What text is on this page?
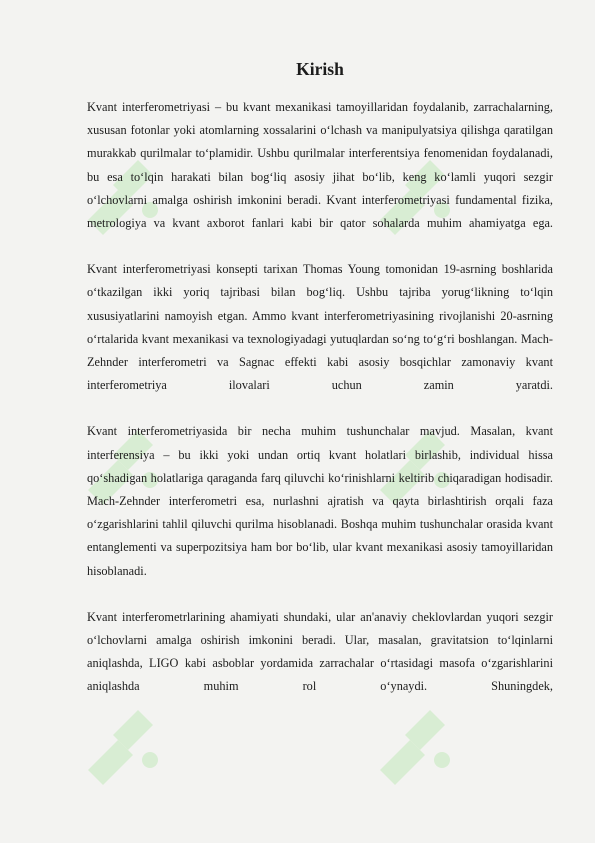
Kirish

Kvant interferometriyasi – bu kvant mexanikasi tamoyillaridan foydalanib, zarrachalarning, xususan fotonlar yoki atomlarning xossalarini o‘lchash va manipulyatsiya qilishga qaratilgan murakkab qurilmalar to‘plamidir. Ushbu qurilmalar interferentsiya fenomenidan foydalanadi, bu esa to‘lqin harakati bilan bog‘liq asosiy jihat bo‘lib, keng ko‘lamli yuqori sezgir o‘lchovlarni amalga oshirish imkonini beradi. Kvant interferometriyasi fundamental fizika, metrologiya va kvant axborot fanlari kabi bir qator sohalarda muhim ahamiyatga ega.

Kvant interferometriyasi konsepti tarixan Thomas Young tomonidan 19-asrning boshlarida o‘tkazilgan ikki yoriq tajribasi bilan bog‘liq. Ushbu tajriba yorug‘likning to‘lqin xususiyatlarini namoyish etgan. Ammo kvant interferometriyasining rivojlanishi 20-asrning o‘rtalarida kvant mexanikasi va texnologiyadagi yutuqlardan so‘ng to‘g‘ri boshlangan. Mach-Zehnder interferometri va Sagnac effekti kabi asosiy bosqichlar zamonaviy kvant interferometriya ilovalari uchun zamin yaratdi.

Kvant interferometriyasida bir necha muhim tushunchalar mavjud. Masalan, kvant interferensiya – bu ikki yoki undan ortiq kvant holatlari birlashib, individual hissa qo‘shadigan holatlariga qaraganda farq qiluvchi ko‘rinishlarni keltirib chiqaradigan hodisadir. Mach-Zehnder interferometri esa, nurlashni ajratish va qayta birlashtirish orqali faza o‘zgarishlarini tahlil qiluvchi qurilma hisoblanadi. Boshqa muhim tushunchalar orasida kvant entanglementi va superpozitsiya ham bor bo‘lib, ular kvant mexanikasi asosiy tamoyillaridan hisoblanadi.

Kvant interferometrlarining ahamiyati shundaki, ular an'anaviy cheklovlardan yuqori sezgir o‘lchovlarni amalga oshirish imkonini beradi. Ular, masalan, gravitatsion to‘lqinlarni aniqlashda, LIGO kabi asboblar yordamida zarrachalar o‘rtasidagi masofa o‘zgarishlarini aniqlashda muhim rol o‘ynaydi. Shuningdek,
